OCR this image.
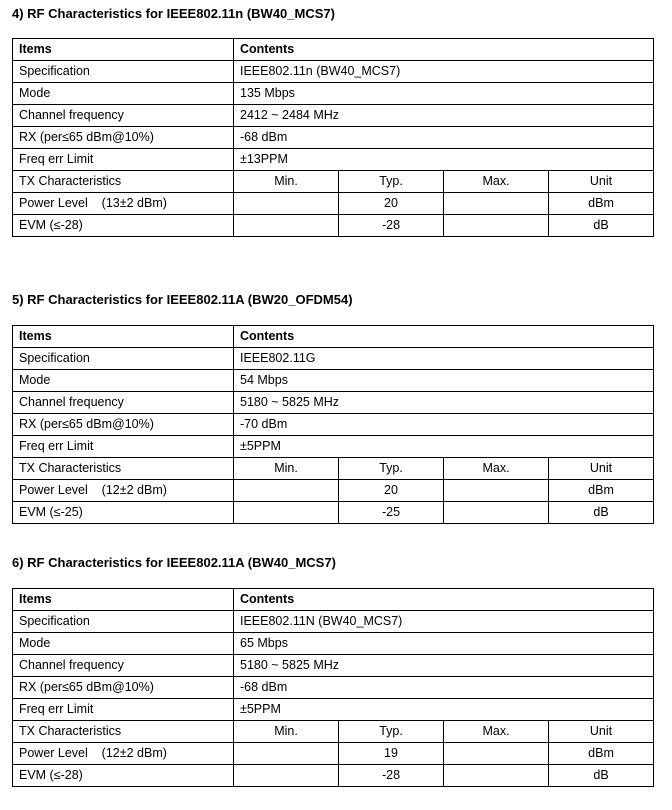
4) RF Characteristics for IEEE802.11n (BW40_MCS7)
Items	Contents			
Specification	IEEE802.11n (BW40_MCS7)			
Mode	135 Mbps			
Channel frequency	2412 ~ 2484 MHz			
RX (per≤65 dBm@10%)	-68 dBm			
Freq err Limit	±13PPM			
TX Characteristics	Min.	Typ.	Max.	Unit
Power Level    (13±2 dBm)		20		dBm
EVM (≤-28)		-28		dB
5) RF Characteristics for IEEE802.11A (BW20_OFDM54)
Items	Contents			
Specification	IEEE802.11G			
Mode	54 Mbps			
Channel frequency	5180 ~ 5825 MHz			
RX (per≤65 dBm@10%)	-70 dBm			
Freq err Limit	±5PPM			
TX Characteristics	Min.	Typ.	Max.	Unit
Power Level    (12±2 dBm)		20		dBm
EVM (≤-25)		-25		dB
6) RF Characteristics for IEEE802.11A (BW40_MCS7)
Items	Contents			
Specification	IEEE802.11N (BW40_MCS7)			
Mode	65 Mbps			
Channel frequency	5180 ~ 5825 MHz			
RX (per≤65 dBm@10%)	-68 dBm			
Freq err Limit	±5PPM			
TX Characteristics	Min.	Typ.	Max.	Unit
Power Level    (12±2 dBm)		19		dBm
EVM (≤-28)		-28		dB
